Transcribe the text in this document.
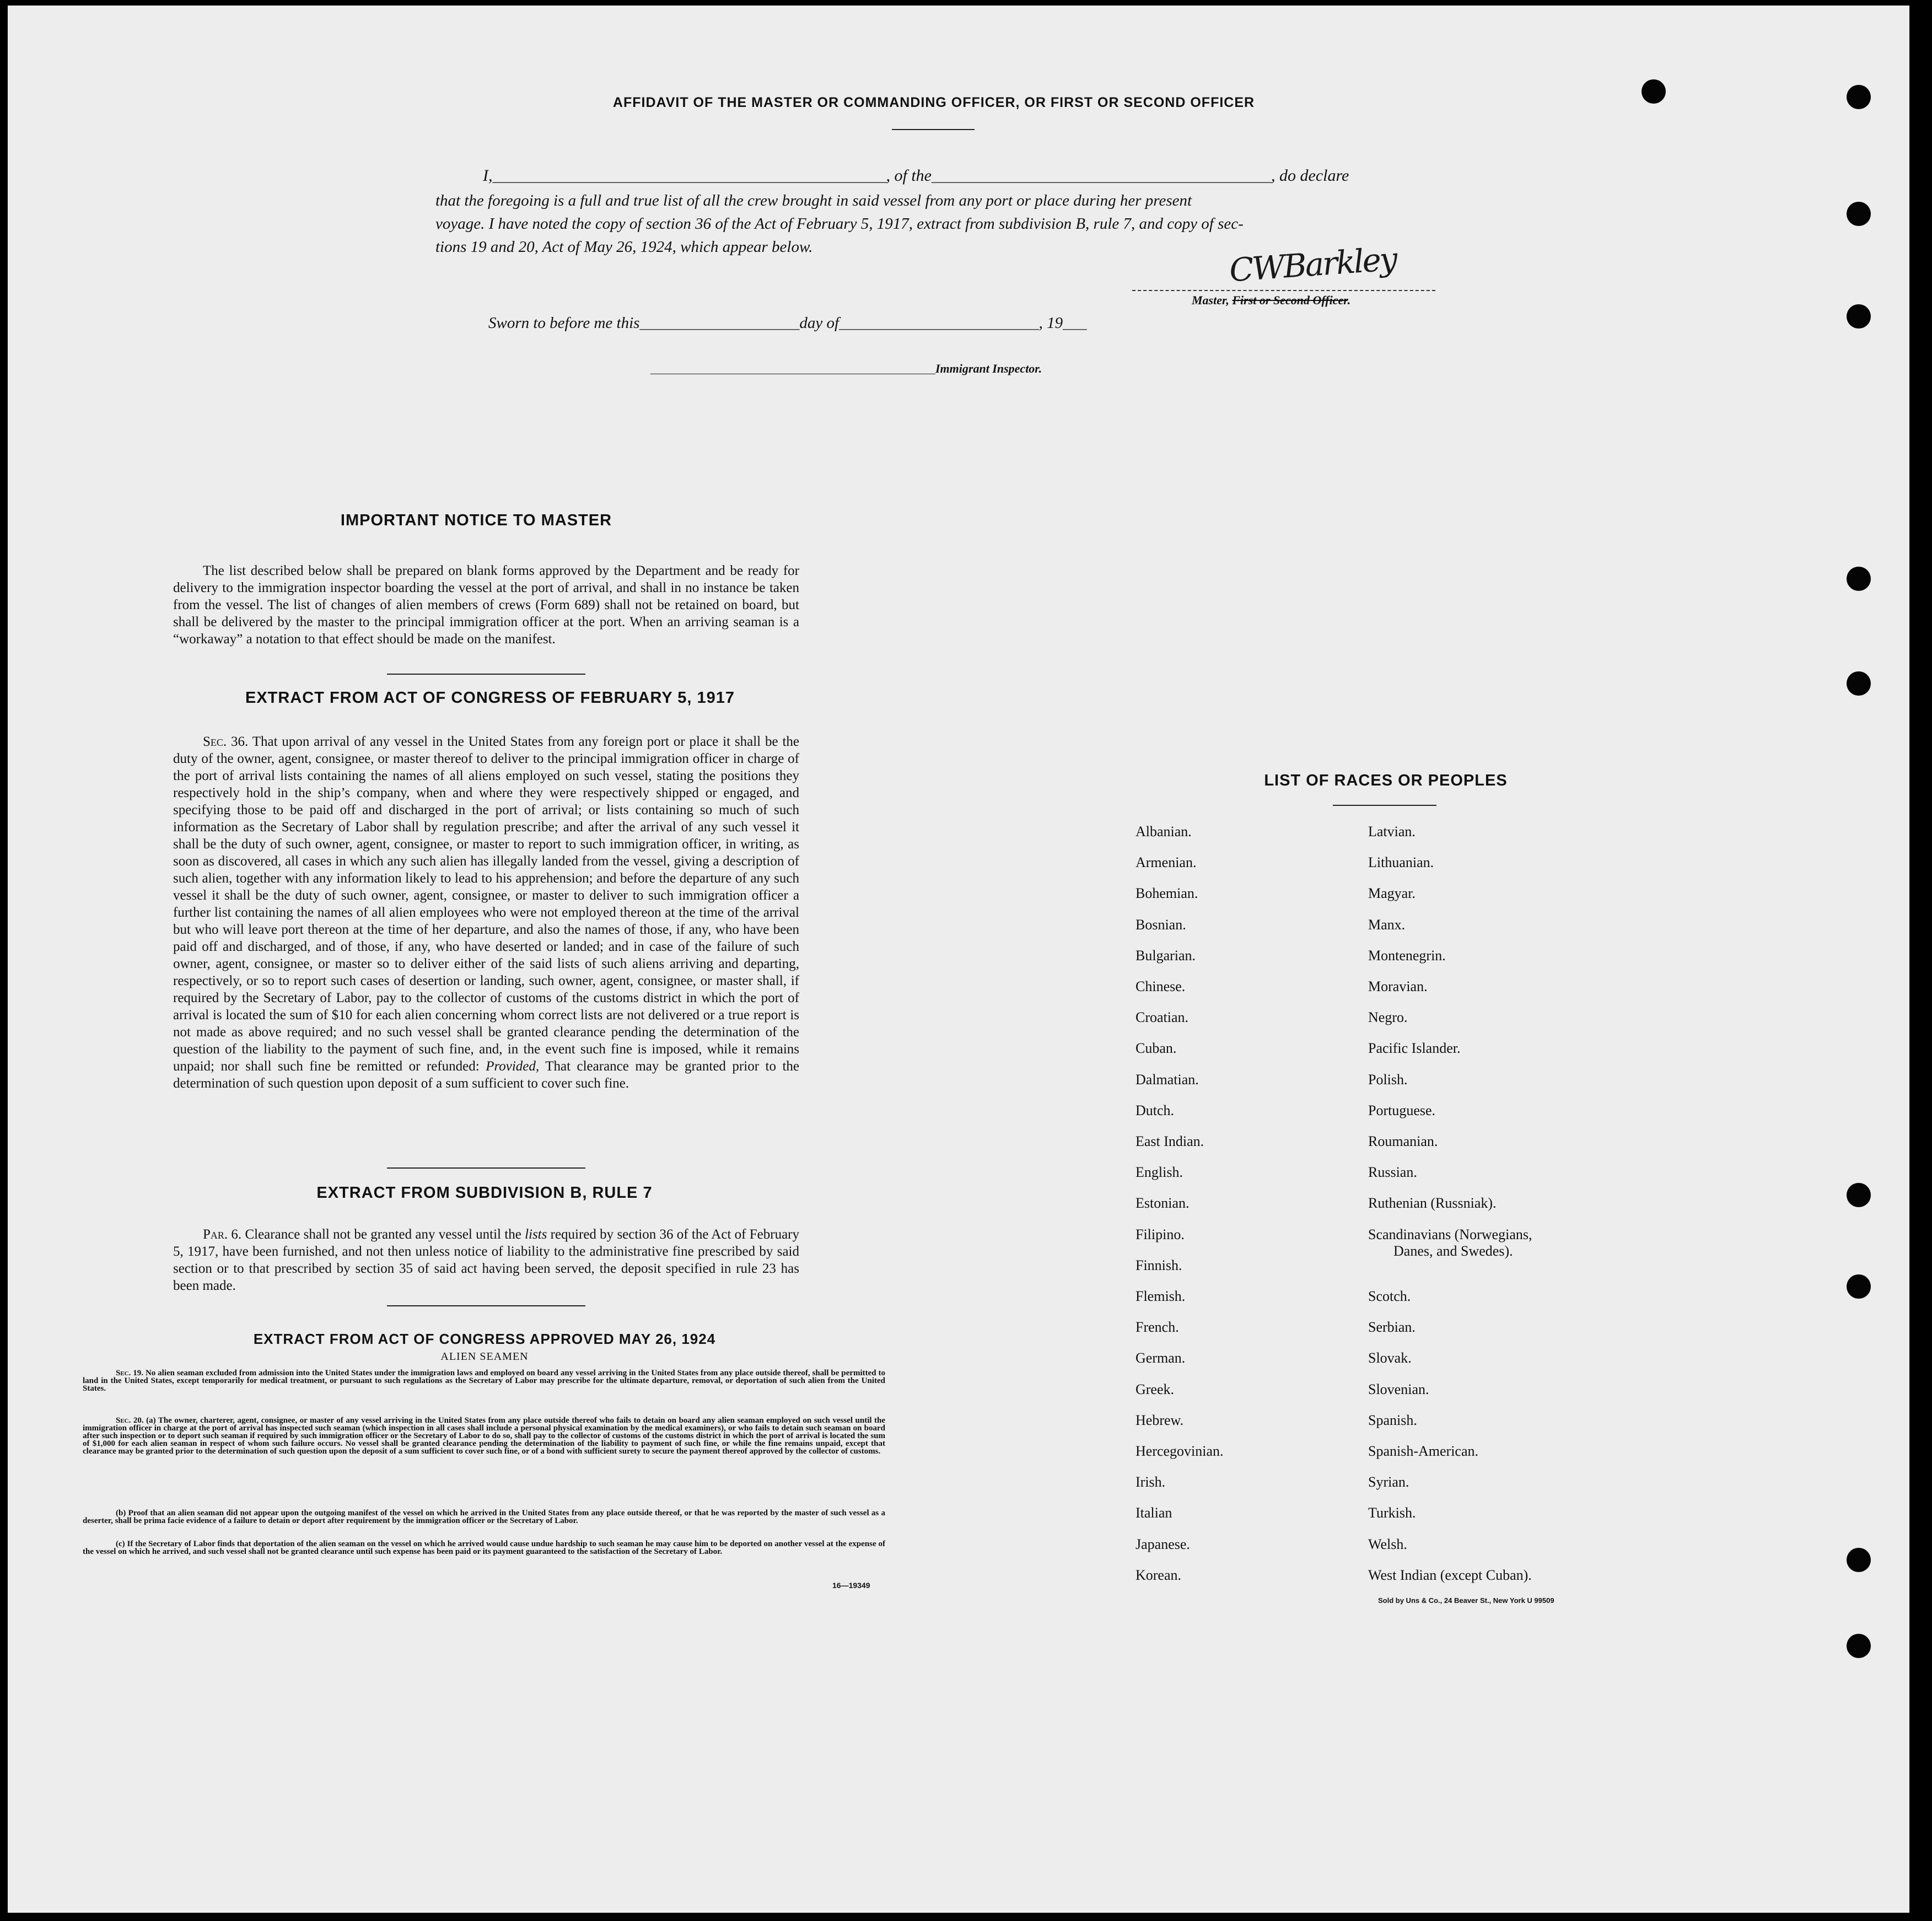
AFFIDAVIT OF THE MASTER OR COMMANDING OFFICER, OR FIRST OR SECOND OFFICER
I,___________________________________________________, of the____________________________________________, do declare
that the foregoing is a full and true list of all the crew brought in said vessel from any port or place during her present
voyage. I have noted the copy of section 36 of the Act of February 5, 1917, extract from subdivision B, rule 7, and copy of sec-
tions 19 and 20, Act of May 26, 1924, which appear below.	CWBarkley
Master, First or Second Officer.
Sworn to before me this____________________day of_________________________, 19___
_______________________________________________Immigrant Inspector.
IMPORTANT NOTICE TO MASTER
The list described below shall be prepared on blank forms approved by the Department and be ready for delivery to the immigration inspector boarding the vessel at the port of arrival, and shall in no instance be taken from the vessel. The list of changes of alien members of crews (Form 689) shall not be retained on board, but shall be delivered by the master to the principal immigration officer at the port. When an arriving seaman is a “workaway” a notation to that effect should be made on the manifest.
EXTRACT FROM ACT OF CONGRESS OF FEBRUARY 5, 1917
Sec. 36. That upon arrival of any vessel in the United States from any foreign port or place it shall be the duty of the owner, agent, consignee, or master thereof to deliver to the principal immigration officer in charge of the port of arrival lists containing the names of all aliens employed on such vessel, stating the positions they respectively hold in the ship’s company, when and where they were respectively shipped or engaged, and specifying those to be paid off and discharged in the port of arrival; or lists containing so much of such information as the Secretary of Labor shall by regulation prescribe; and after the arrival of any such vessel it shall be the duty of such owner, agent, consignee, or master to report to such immigration officer, in writing, as soon as discovered, all cases in which any such alien has illegally landed from the vessel, giving a description of such alien, together with any information likely to lead to his apprehension; and before the departure of any such vessel it shall be the duty of such owner, agent, consignee, or master to deliver to such immigration officer a further list containing the names of all alien employees who were not employed thereon at the time of the arrival but who will leave port thereon at the time of her departure, and also the names of those, if any, who have been paid off and discharged, and of those, if any, who have deserted or landed; and in case of the failure of such owner, agent, consignee, or master so to deliver either of the said lists of such aliens arriving and departing, respectively, or so to report such cases of desertion or landing, such owner, agent, consignee, or master shall, if required by the Secretary of Labor, pay to the collector of customs of the customs district in which the port of arrival is located the sum of $10 for each alien concerning whom correct lists are not delivered or a true report is not made as above required; and no such vessel shall be granted clearance pending the determination of the question of the liability to the payment of such fine, and, in the event such fine is imposed, while it remains unpaid; nor shall such fine be remitted or refunded: Provided, That clearance may be granted prior to the determination of such question upon deposit of a sum sufficient to cover such fine.
EXTRACT FROM SUBDIVISION B, RULE 7
Par. 6. Clearance shall not be granted any vessel until the lists required by section 36 of the Act of February 5, 1917, have been furnished, and not then unless notice of liability to the administrative fine prescribed by said section or to that prescribed by section 35 of said act having been served, the deposit specified in rule 23 has been made.
EXTRACT FROM ACT OF CONGRESS APPROVED MAY 26, 1924
ALIEN SEAMEN
Sec. 19. No alien seaman excluded from admission into the United States under the immigration laws and employed on board any vessel arriving in the United States from any place outside thereof, shall be permitted to land in the United States, except temporarily for medical treatment, or pursuant to such regulations as the Secretary of Labor may prescribe for the ultimate departure, removal, or deportation of such alien from the United States.
Sec. 20. (a) The owner, charterer, agent, consignee, or master of any vessel arriving in the United States from any place outside thereof who fails to detain on board any alien seaman employed on such vessel until the immigration officer in charge at the port of arrival has inspected such seaman (which inspection in all cases shall include a personal physical examination by the medical examiners), or who fails to detain such seaman on board after such inspection or to deport such seaman if required by such immigration officer or the Secretary of Labor to do so, shall pay to the collector of customs of the customs district in which the port of arrival is located the sum of $1,000 for each alien seaman in respect of whom such failure occurs. No vessel shall be granted clearance pending the determination of the liability to payment of such fine, or while the fine remains unpaid, except that clearance may be granted prior to the determination of such question upon the deposit of a sum sufficient to cover such fine, or of a bond with sufficient surety to secure the payment thereof approved by the collector of customs.
(b) Proof that an alien seaman did not appear upon the outgoing manifest of the vessel on which he arrived in the United States from any place outside thereof, or that he was reported by the master of such vessel as a deserter, shall be prima facie evidence of a failure to detain or deport after requirement by the immigration officer or the Secretary of Labor.
(c) If the Secretary of Labor finds that deportation of the alien seaman on the vessel on which he arrived would cause undue hardship to such seaman he may cause him to be deported on another vessel at the expense of the vessel on which he arrived, and such vessel shall not be granted clearance until such expense has been paid or its payment guaranteed to the satisfaction of the Secretary of Labor.
16—19349
LIST OF RACES OR PEOPLES
Albanian.
Armenian.
Bohemian.
Bosnian.
Bulgarian.
Chinese.
Croatian.
Cuban.
Dalmatian.
Dutch.
East Indian.
English.
Estonian.
Filipino.
Finnish.
Flemish.
French.
German.
Greek.
Hebrew.
Hercegovinian.
Irish.
Italian
Japanese.
Korean.
Latvian.
Lithuanian.
Magyar.
Manx.
Montenegrin.
Moravian.
Negro.
Pacific Islander.
Polish.
Portuguese.
Roumanian.
Russian.
Ruthenian (Russniak).
Scandinavians (Norwegians,
Danes, and Swedes).
Scotch.
Serbian.
Slovak.
Slovenian.
Spanish.
Spanish-American.
Syrian.
Turkish.
Welsh.
West Indian (except Cuban).
Sold by Uns & Co., 24 Beaver St., New York U 99509
